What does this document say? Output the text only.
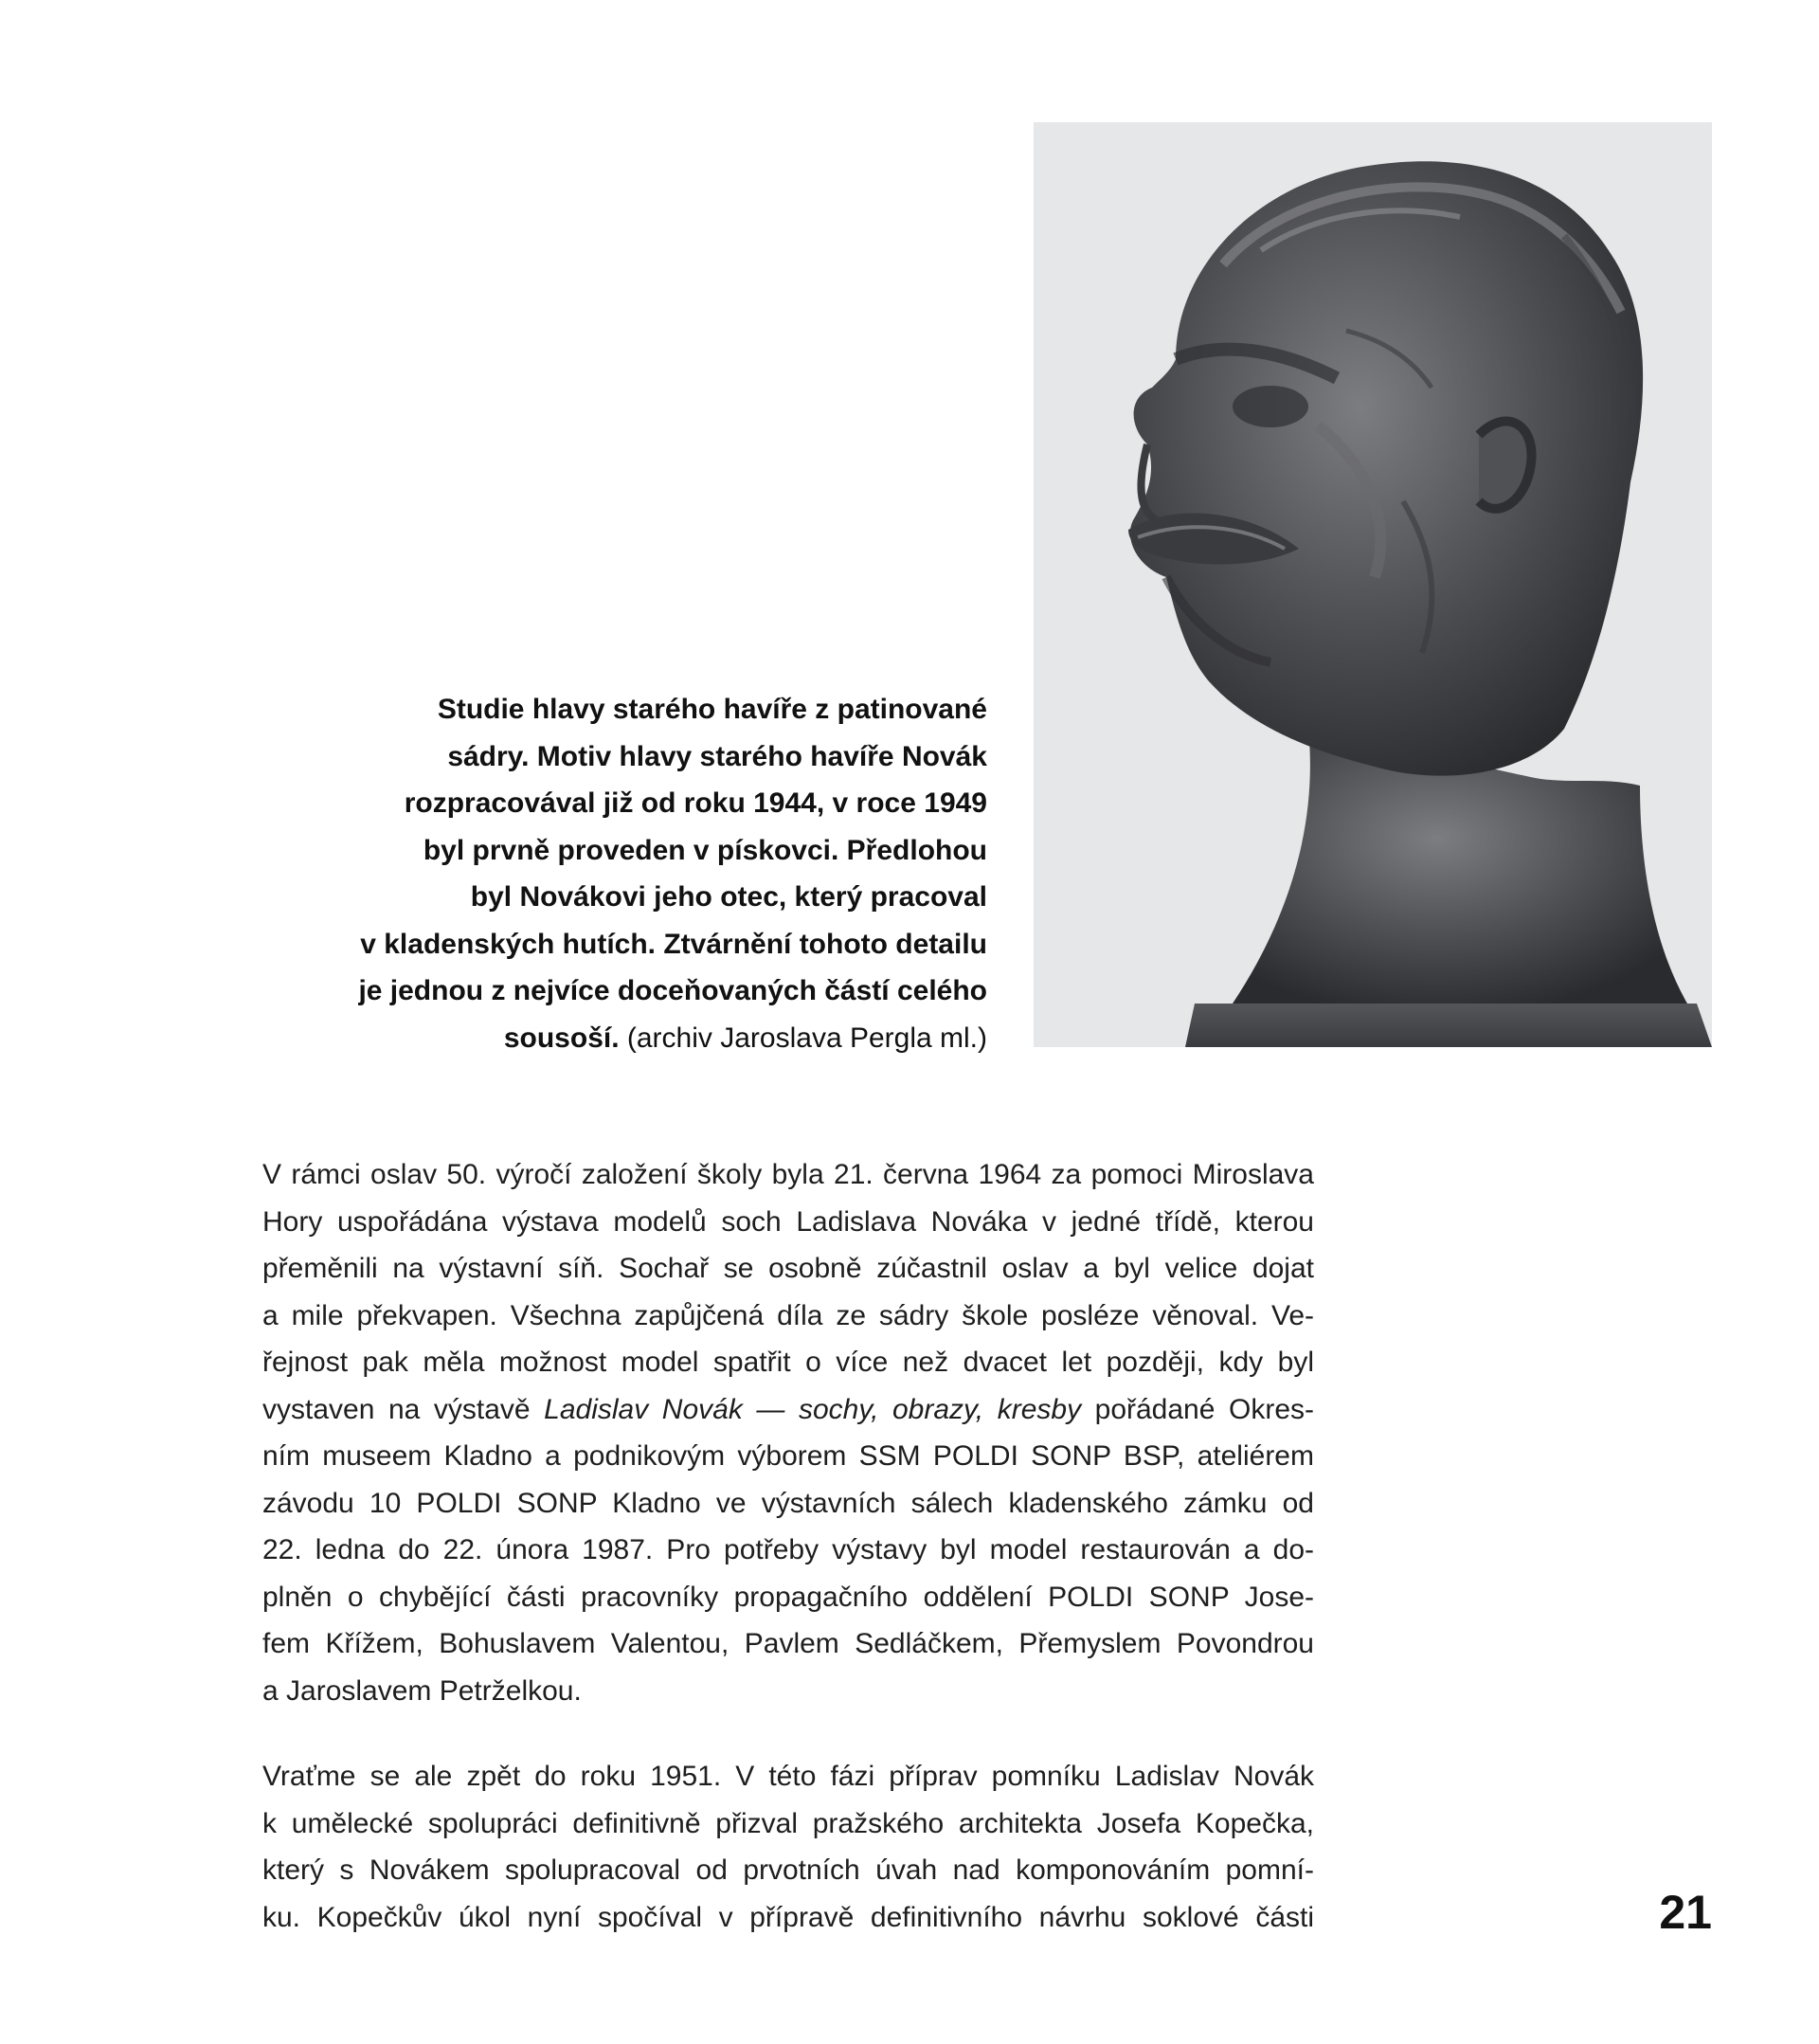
Studie hlavy starého havíře z patinované
sádry. Motiv hlavy starého havíře Novák
rozpracovával již od roku 1944, v roce 1949
byl prvně proveden v pískovci. Předlohou
byl Novákovi jeho otec, který pracoval
v kladenských hutích. Ztvárnění tohoto detailu
je jednou z nejvíce doceňovaných částí celého
sousoší. (archiv Jaroslava Pergla ml.)
V rámci oslav 50. výročí založení školy byla 21. června 1964 za pomoci Miroslava
Hory uspořádána výstava modelů soch Ladislava Nováka v jedné třídě, kterou
přeměnili na výstavní síň. Sochař se osobně zúčastnil oslav a byl velice dojat
a mile překvapen. Všechna zapůjčená díla ze sádry škole posléze věnoval. Ve-
řejnost pak měla možnost model spatřit o více než dvacet let později, kdy byl
vystaven na výstavě Ladislav Novák — sochy, obrazy, kresby pořádané Okres-
ním museem Kladno a podnikovým výborem SSM POLDI SONP BSP, ateliérem
závodu 10 POLDI SONP Kladno ve výstavních sálech kladenského zámku od
22. ledna do 22. února 1987. Pro potřeby výstavy byl model restaurován a do-
plněn o chybějící části pracovníky propagačního oddělení POLDI SONP Jose-
fem Křížem, Bohuslavem Valentou, Pavlem Sedláčkem, Přemyslem Povondrou
a Jaroslavem Petrželkou.
Vraťme se ale zpět do roku 1951. V této fázi příprav pomníku Ladislav Novák
k umělecké spolupráci definitivně přizval pražského architekta Josefa Kopečka,
který s Novákem spolupracoval od prvotních úvah nad komponováním pomní-
ku. Kopečkův úkol nyní spočíval v přípravě definitivního návrhu soklové části	21
